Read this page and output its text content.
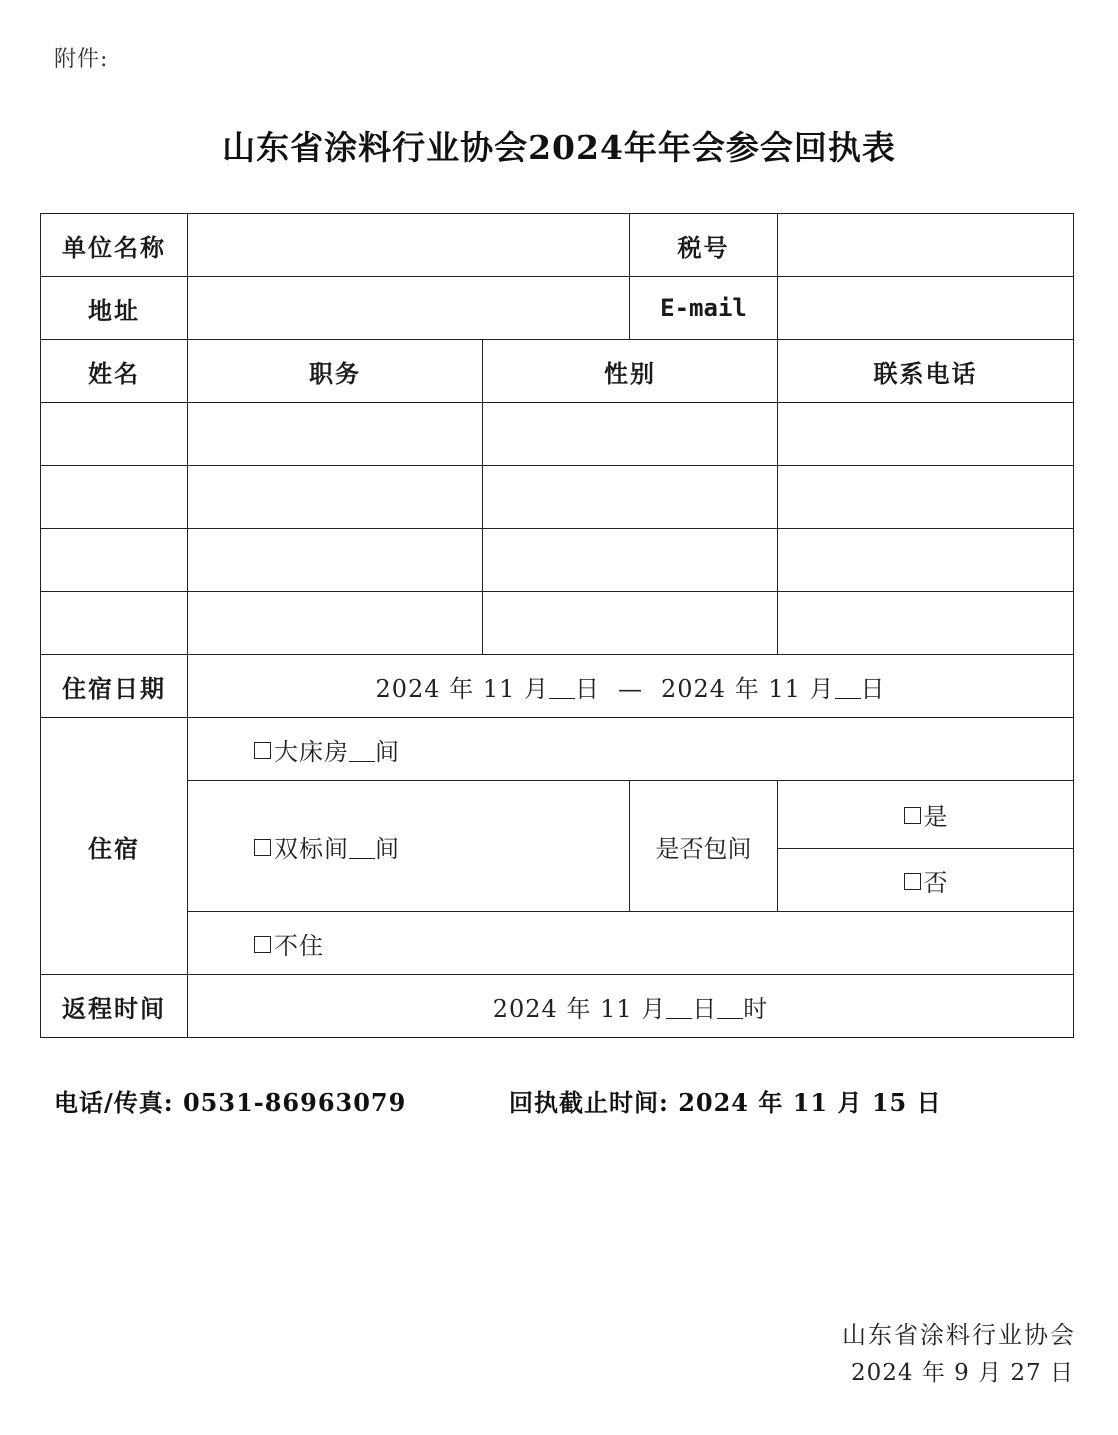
附件:
山东省涂料行业协会2024年年会参会回执表
单位名称			税号	
地址			E-mail	
姓名	职务	性别		联系电话

住宿日期	2024 年 11 月 日 — 2024 年 11 月 日			
住宿	大床房 间			
	双标间 间		是否包间	是
				否
	不住			
返程时间	2024 年 11 月 日 时			
电话/传真: 0531-86963079	回执截止时间: 2024 年 11 月 15 日
山东省涂料行业协会
2024 年 9 月 27 日
